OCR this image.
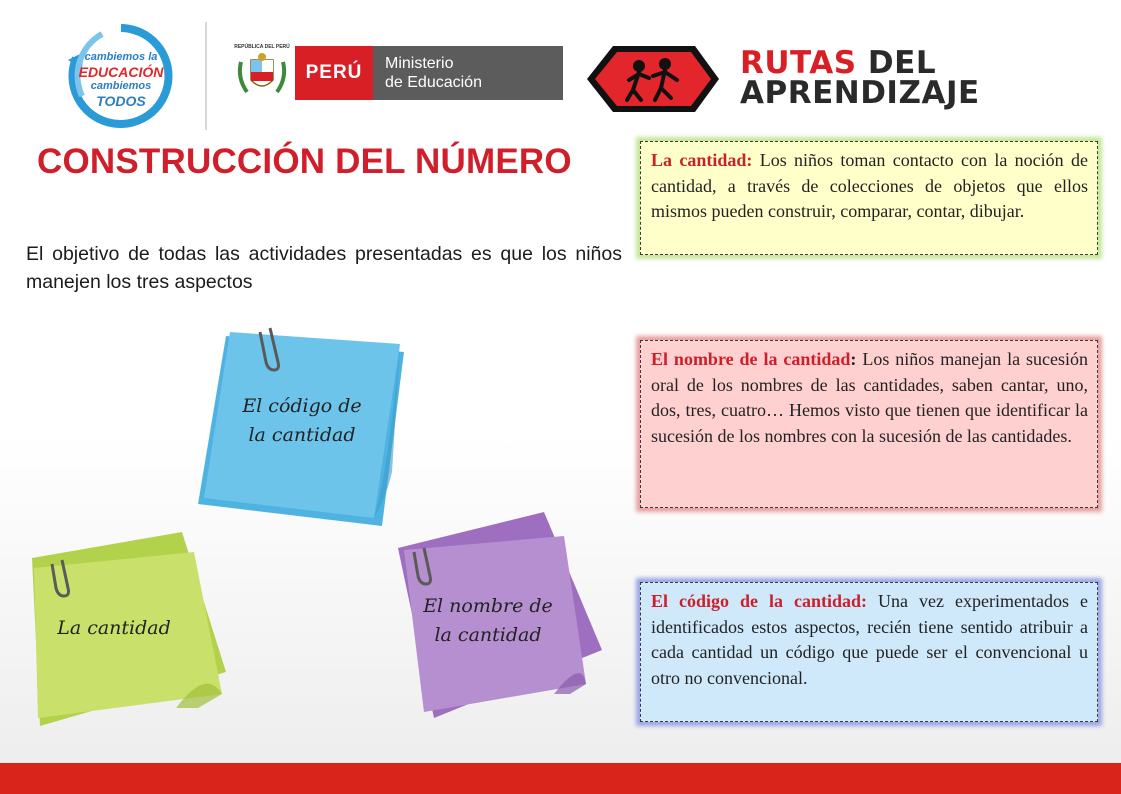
cambiemos la
EDUCACIÓN
cambiemos
TODOS
REPÚBLICA DEL PERÚ
PERÚ	Ministerio
de Educación
RUTAS DEL
APRENDIZAJE
CONSTRUCCIÓN DEL NÚMERO
El objetivo de todas las actividades presentadas es que los niños manejen los tres aspectos
El código de
la cantidad
La cantidad
El nombre de
la cantidad
La cantidad: Los niños toman contacto con la noción de cantidad, a través de colecciones de objetos que ellos mismos pueden construir, comparar, contar, dibujar.
El nombre de la cantidad: Los niños manejan la sucesión oral de los nombres de las cantidades, saben cantar, uno, dos, tres, cuatro… Hemos visto que tienen que identificar la sucesión de los nombres con la sucesión de las cantidades.
El código de la cantidad: Una vez experimentados e identificados estos aspectos, recién tiene sentido atribuir a cada cantidad un código que puede ser el convencional u otro no convencional.
